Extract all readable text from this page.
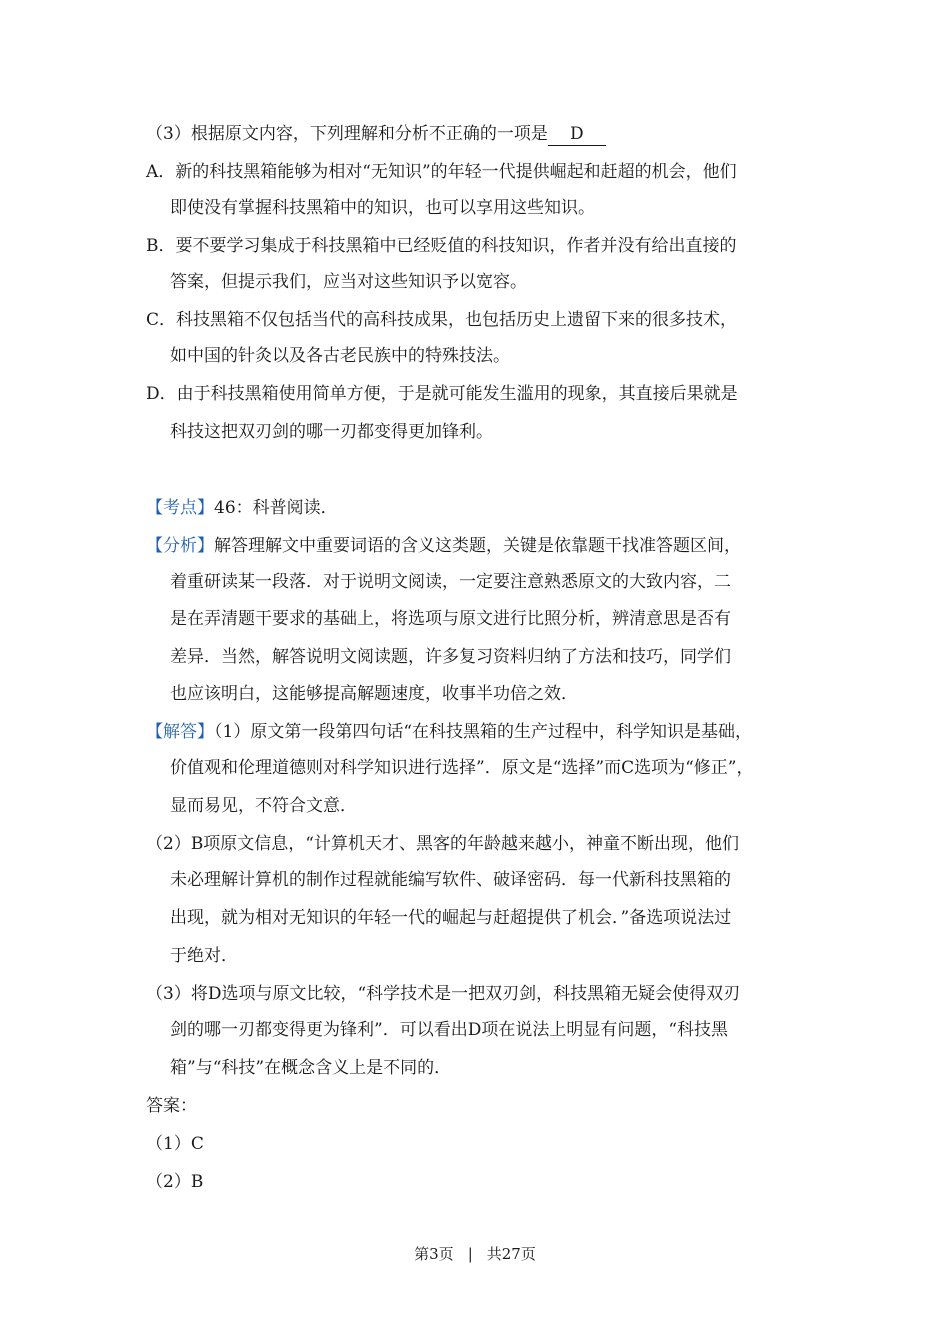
（3）根据原文内容，下列理解和分析不正确的一项是 D
A．新的科技黑箱能够为相对“无知识”的年轻一代提供崛起和赶超的机会，他们
即使没有掌握科技黑箱中的知识，也可以享用这些知识。
B．要不要学习集成于科技黑箱中已经贬值的科技知识，作者并没有给出直接的
答案，但提示我们，应当对这些知识予以宽容。
C．科技黑箱不仅包括当代的高科技成果，也包括历史上遗留下来的很多技术，
如中国的针灸以及各古老民族中的特殊技法。
D．由于科技黑箱使用简单方便，于是就可能发生滥用的现象，其直接后果就是
科技这把双刃剑的哪一刃都变得更加锋利。
【考点】46：科普阅读．
【分析】解答理解文中重要词语的含义这类题，关键是依靠题干找准答题区间，
着重研读某一段落．对于说明文阅读，一定要注意熟悉原文的大致内容，二
是在弄清题干要求的基础上，将选项与原文进行比照分析，辨清意思是否有
差异．当然，解答说明文阅读题，许多复习资料归纳了方法和技巧，同学们
也应该明白，这能够提高解题速度，收事半功倍之效．
【解答】（1）原文第一段第四句话“在科技黑箱的生产过程中，科学知识是基础，
价值观和伦理道德则对科学知识进行选择”．原文是“选择”而C选项为“修正”，
显而易见，不符合文意．
（2）B项原文信息，“计算机天才、黑客的年龄越来越小，神童不断出现，他们
未必理解计算机的制作过程就能编写软件、破译密码．每一代新科技黑箱的
出现，就为相对无知识的年轻一代的崛起与赶超提供了机会．”备选项说法过
于绝对．
（3）将D选项与原文比较，“科学技术是一把双刃剑，科技黑箱无疑会使得双刃
剑的哪一刃都变得更为锋利”．可以看出D项在说法上明显有问题，“科技黑
箱”与“科技”在概念含义上是不同的．
答案：
（1）C
（2）B
第3页 | 共27页
